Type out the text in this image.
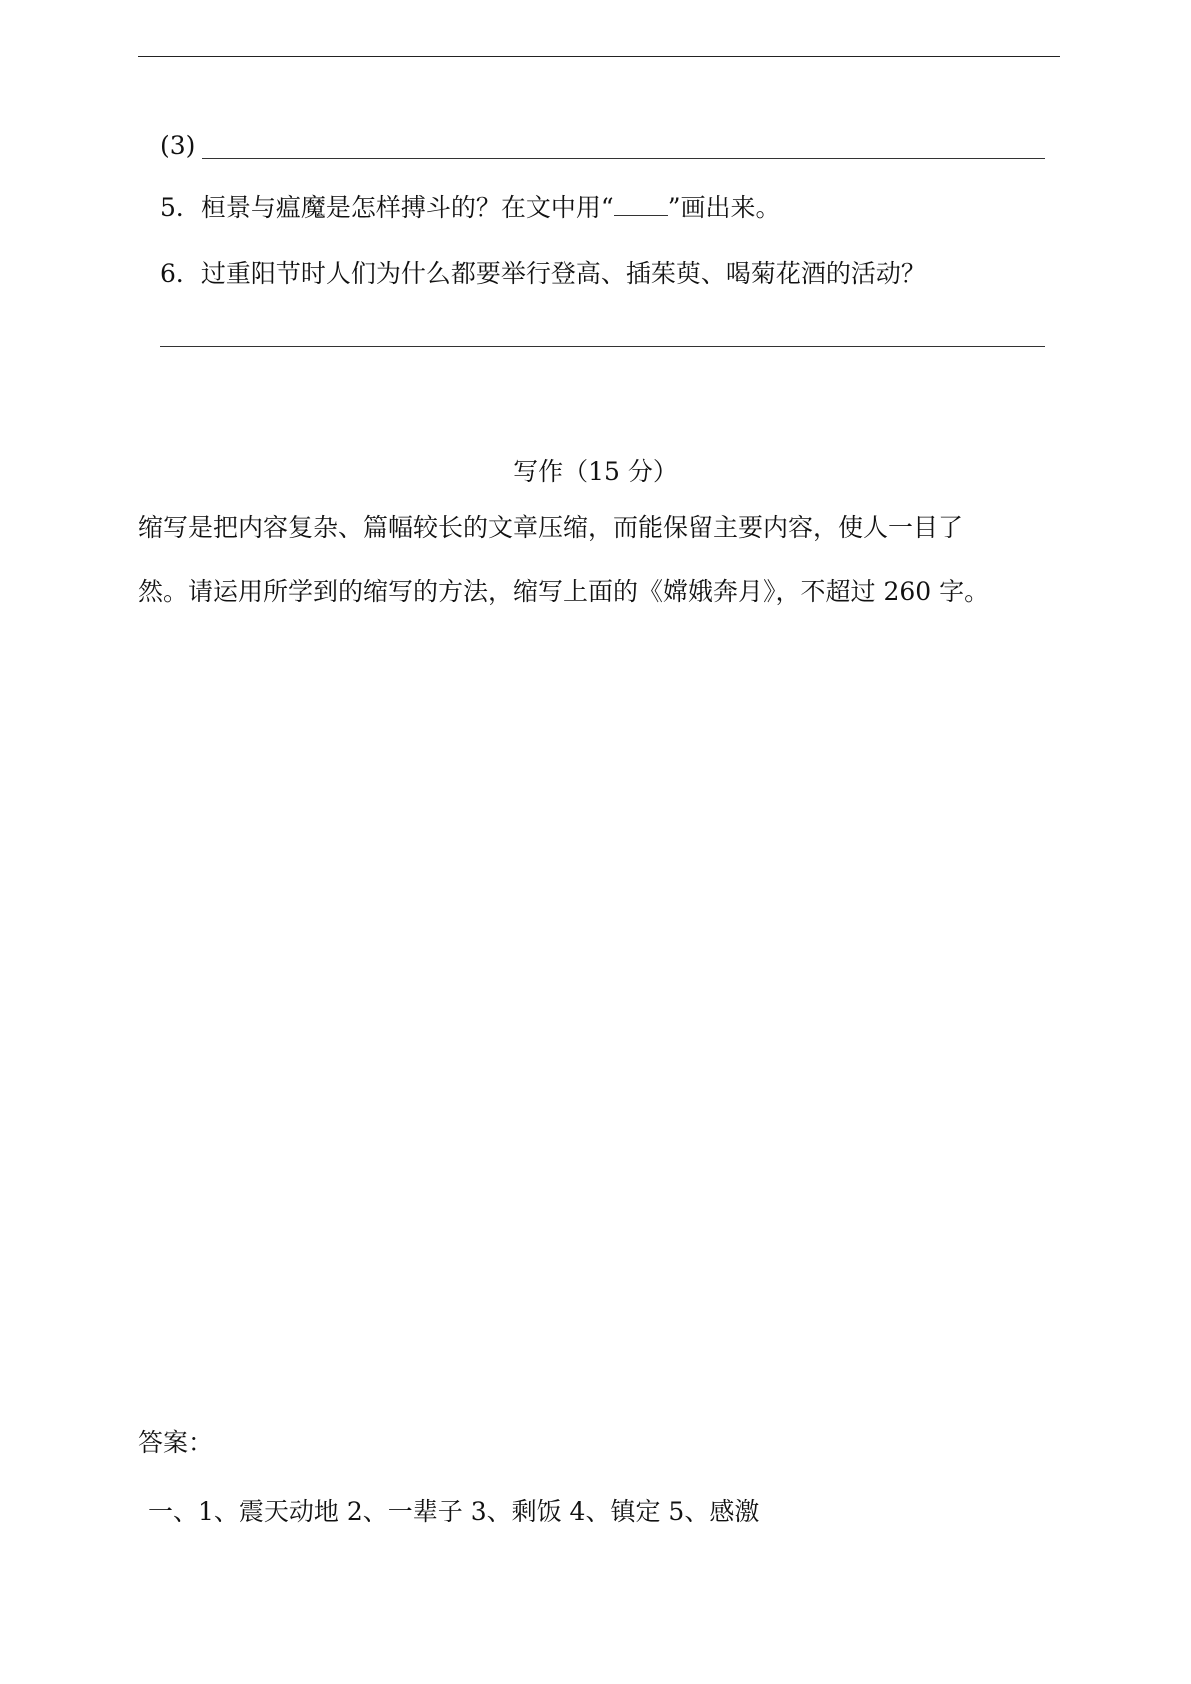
(3)
5．桓景与瘟魔是怎样搏斗的？在文中用“ ”画出来。
6．过重阳节时人们为什么都要举行登高、插茱萸、喝菊花酒的活动？
写作（15 分）
缩写是把内容复杂、篇幅较长的文章压缩，而能保留主要内容，使人一目了
然。请运用所学到的缩写的方法，缩写上面的《嫦娥奔月》，不超过 260 字。
答案：
一、1、震天动地 2、一辈子 3、剩饭 4、镇定 5、感激
